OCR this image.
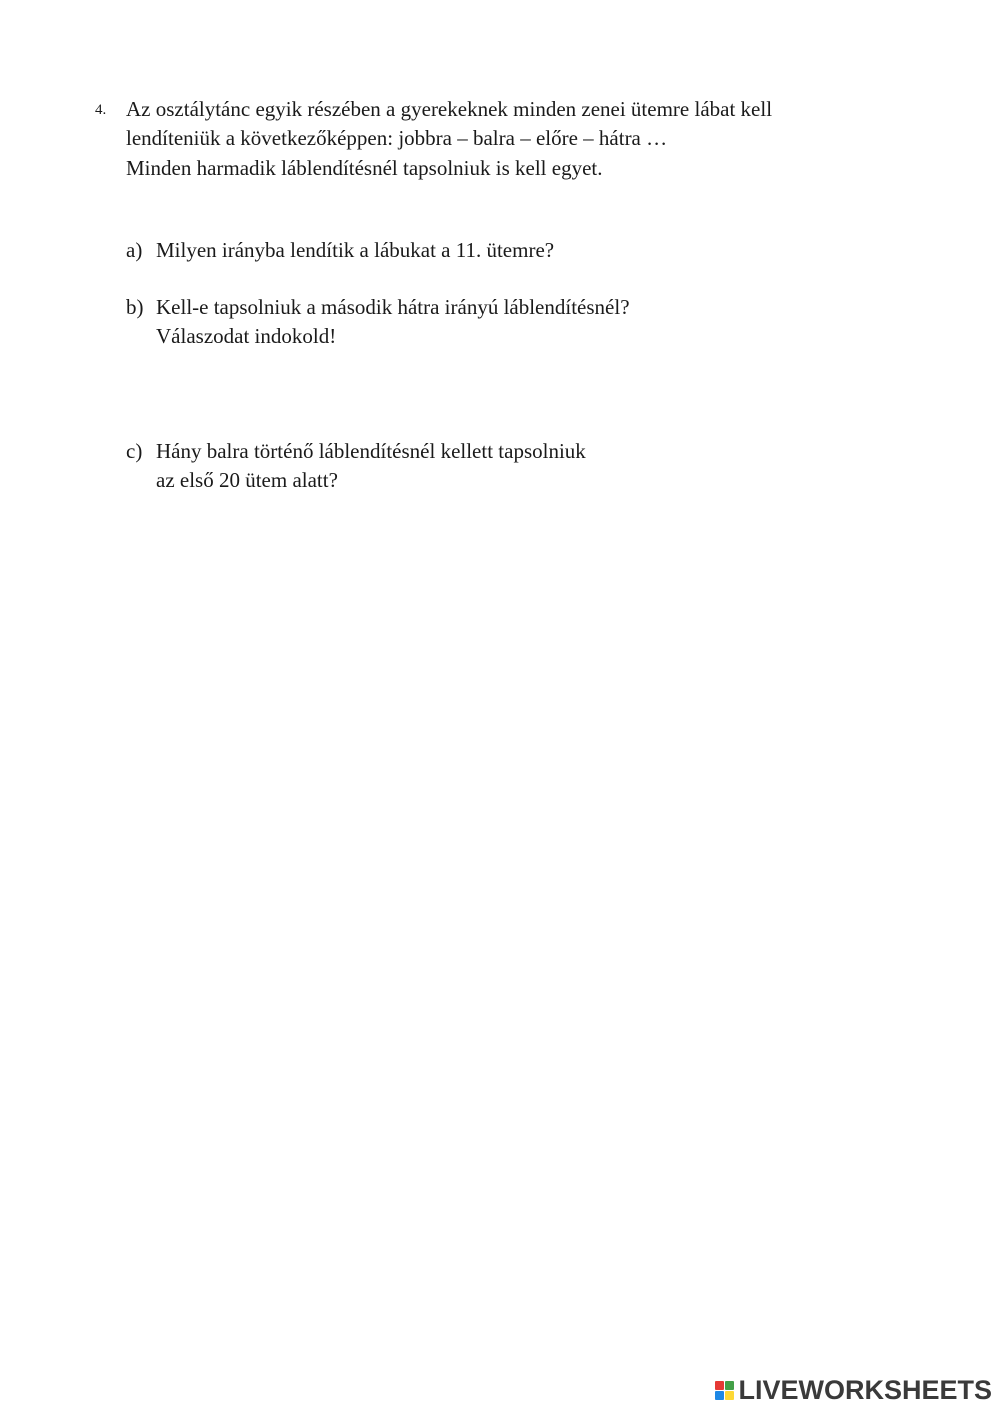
4. Az osztálytánc egyik részében a gyerekeknek minden zenei ütemre lábat kell
lendíteniük a következőképpen: jobbra – balra – előre – hátra …
Minden harmadik láblendítésnél tapsolniuk is kell egyet.
a) Milyen irányba lendítik a lábukat a 11. ütemre?
b) Kell-e tapsolniuk a második hátra irányú láblendítésnél?
Válaszodat indokold!
c) Hány balra történő láblendítésnél kellett tapsolniuk
az első 20 ütem alatt?
LIVEWORKSHEETS
